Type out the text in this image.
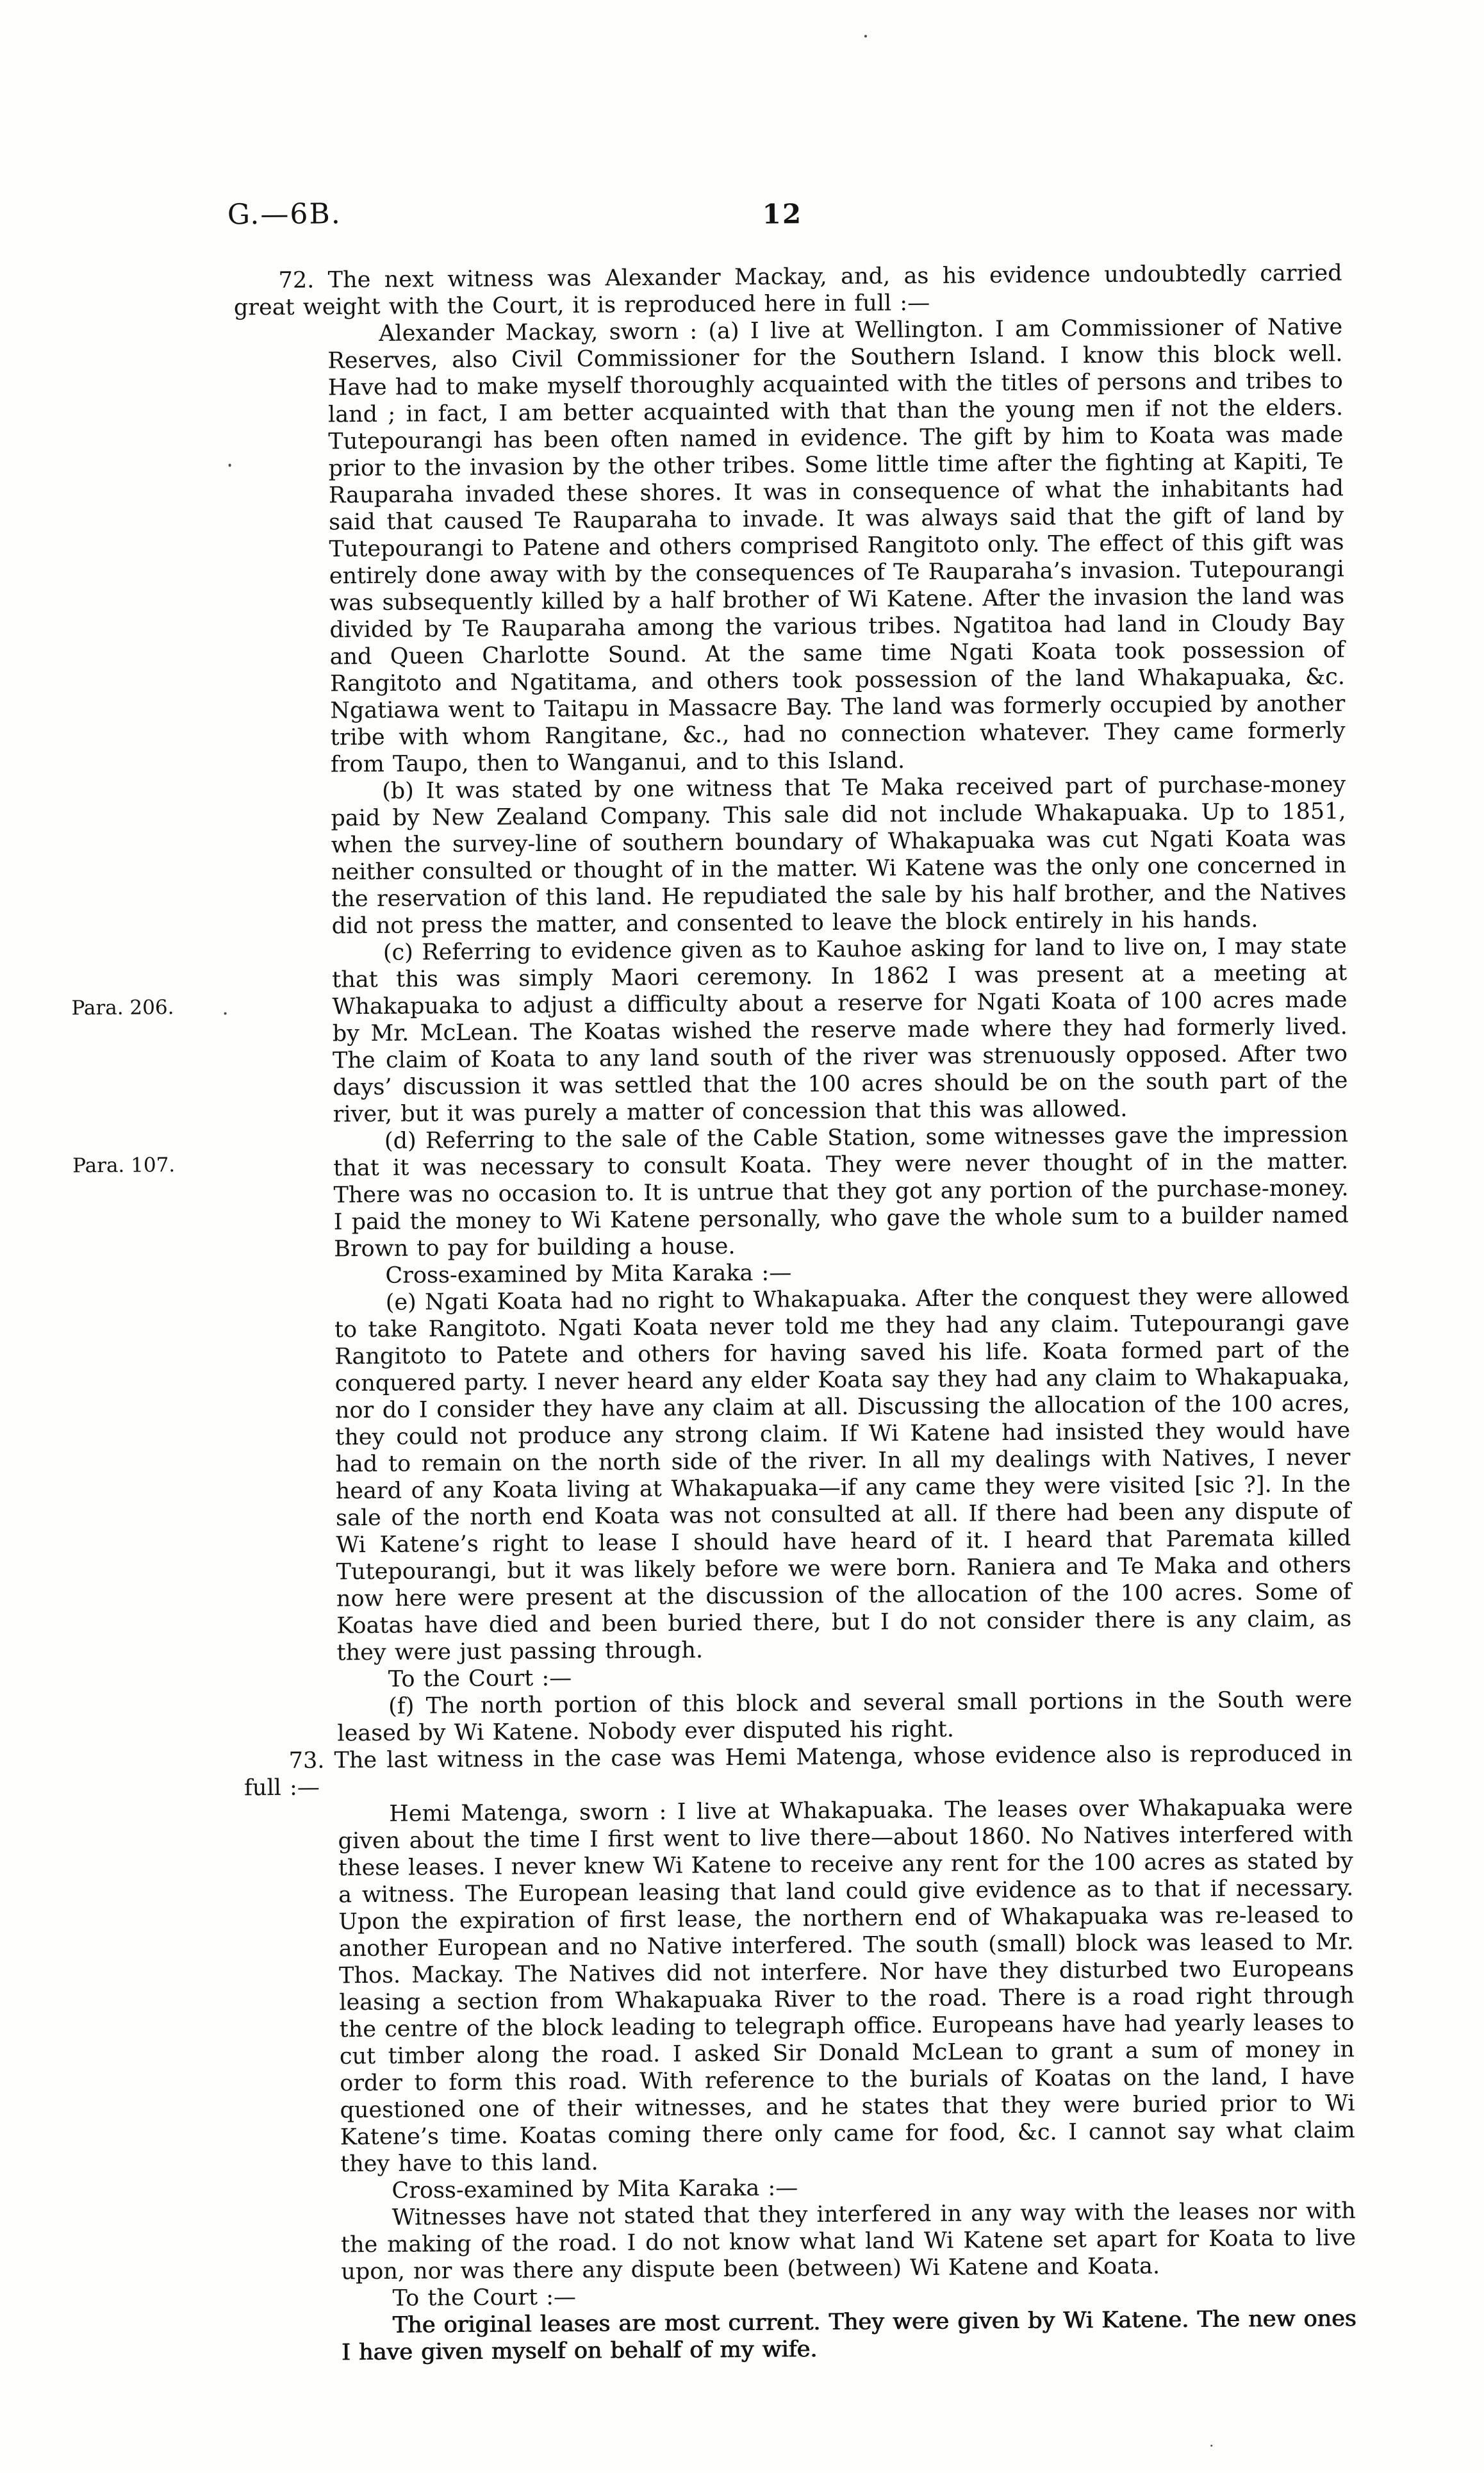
G.—6B.	12
Para. 206.
Para. 107.

72. The next witness was Alexander Mackay, and, as his evidence undoubtedly carried great weight with the Court, it is reproduced here in full :—

Alexander Mackay, sworn : (a) I live at Wellington. I am Commissioner of Native Reserves, also Civil Commissioner for the Southern Island. I know this block well. Have had to make myself thoroughly acquainted with the titles of persons and tribes to land ; in fact, I am better acquainted with that than the young men if not the elders. Tutepourangi has been often named in evidence. The gift by him to Koata was made prior to the invasion by the other tribes. Some little time after the fighting at Kapiti, Te Rauparaha invaded these shores. It was in consequence of what the inhabitants had said that caused Te Rauparaha to invade. It was always said that the gift of land by Tutepourangi to Patene and others comprised Rangitoto only. The effect of this gift was entirely done away with by the consequences of Te Rauparaha’s invasion. Tutepourangi was subsequently killed by a half brother of Wi Katene. After the invasion the land was divided by Te Rauparaha among the various tribes. Ngatitoa had land in Cloudy Bay and Queen Charlotte Sound. At the same time Ngati Koata took possession of Rangitoto and Ngatitama, and others took possession of the land Whakapuaka, &c. Ngatiawa went to Taitapu in Massacre Bay. The land was formerly occupied by another tribe with whom Rangitane, &c., had no connection whatever. They came formerly from Taupo, then to Wanganui, and to this Island.

(b) It was stated by one witness that Te Maka received part of purchase-money paid by New Zealand Company. This sale did not include Whakapuaka. Up to 1851, when the survey-line of southern boundary of Whakapuaka was cut Ngati Koata was neither consulted or thought of in the matter. Wi Katene was the only one concerned in the reservation of this land. He repudiated the sale by his half brother, and the Natives did not press the matter, and consented to leave the block entirely in his hands.

(c) Referring to evidence given as to Kauhoe asking for land to live on, I may state that this was simply Maori ceremony. In 1862 I was present at a meeting at Whakapuaka to adjust a difficulty about a reserve for Ngati Koata of 100 acres made by Mr. McLean. The Koatas wished the reserve made where they had formerly lived. The claim of Koata to any land south of the river was strenuously opposed. After two days’ discussion it was settled that the 100 acres should be on the south part of the river, but it was purely a matter of concession that this was allowed.

(d) Referring to the sale of the Cable Station, some witnesses gave the impression that it was necessary to consult Koata. They were never thought of in the matter. There was no occasion to. It is untrue that they got any portion of the purchase-money. I paid the money to Wi Katene personally, who gave the whole sum to a builder named Brown to pay for building a house.

Cross-examined by Mita Karaka :—

(e) Ngati Koata had no right to Whakapuaka. After the conquest they were allowed to take Rangitoto. Ngati Koata never told me they had any claim. Tutepourangi gave Rangitoto to Patete and others for having saved his life. Koata formed part of the conquered party. I never heard any elder Koata say they had any claim to Whakapuaka, nor do I consider they have any claim at all. Discussing the allocation of the 100 acres, they could not produce any strong claim. If Wi Katene had insisted they would have had to remain on the north side of the river. In all my dealings with Natives, I never heard of any Koata living at Whakapuaka—if any came they were visited [sic ?]. In the sale of the north end Koata was not consulted at all. If there had been any dispute of Wi Katene’s right to lease I should have heard of it. I heard that Paremata killed Tutepourangi, but it was likely before we were born. Raniera and Te Maka and others now here were present at the discussion of the allocation of the 100 acres. Some of Koatas have died and been buried there, but I do not consider there is any claim, as they were just passing through.

To the Court :—

(f) The north portion of this block and several small portions in the South were leased by Wi Katene. Nobody ever disputed his right.

73. The last witness in the case was Hemi Matenga, whose evidence also is reproduced in full :—

Hemi Matenga, sworn : I live at Whakapuaka. The leases over Whakapuaka were given about the time I first went to live there—about 1860. No Natives interfered with these leases. I never knew Wi Katene to receive any rent for the 100 acres as stated by a witness. The European leasing that land could give evidence as to that if necessary. Upon the expiration of first lease, the northern end of Whakapuaka was re-leased to another European and no Native interfered. The south (small) block was leased to Mr. Thos. Mackay. The Natives did not interfere. Nor have they disturbed two Europeans leasing a section from Whakapuaka River to the road. There is a road right through the centre of the block leading to telegraph office. Europeans have had yearly leases to cut timber along the road. I asked Sir Donald McLean to grant a sum of money in order to form this road. With reference to the burials of Koatas on the land, I have questioned one of their witnesses, and he states that they were buried prior to Wi Katene’s time. Koatas coming there only came for food, &c. I cannot say what claim they have to this land.

Cross-examined by Mita Karaka :—

Witnesses have not stated that they interfered in any way with the leases nor with the making of the road. I do not know what land Wi Katene set apart for Koata to live upon, nor was there any dispute been (between) Wi Katene and Koata.

To the Court :—

The original leases are most current. They were given by Wi Katene. The new ones I have given myself on behalf of my wife.
